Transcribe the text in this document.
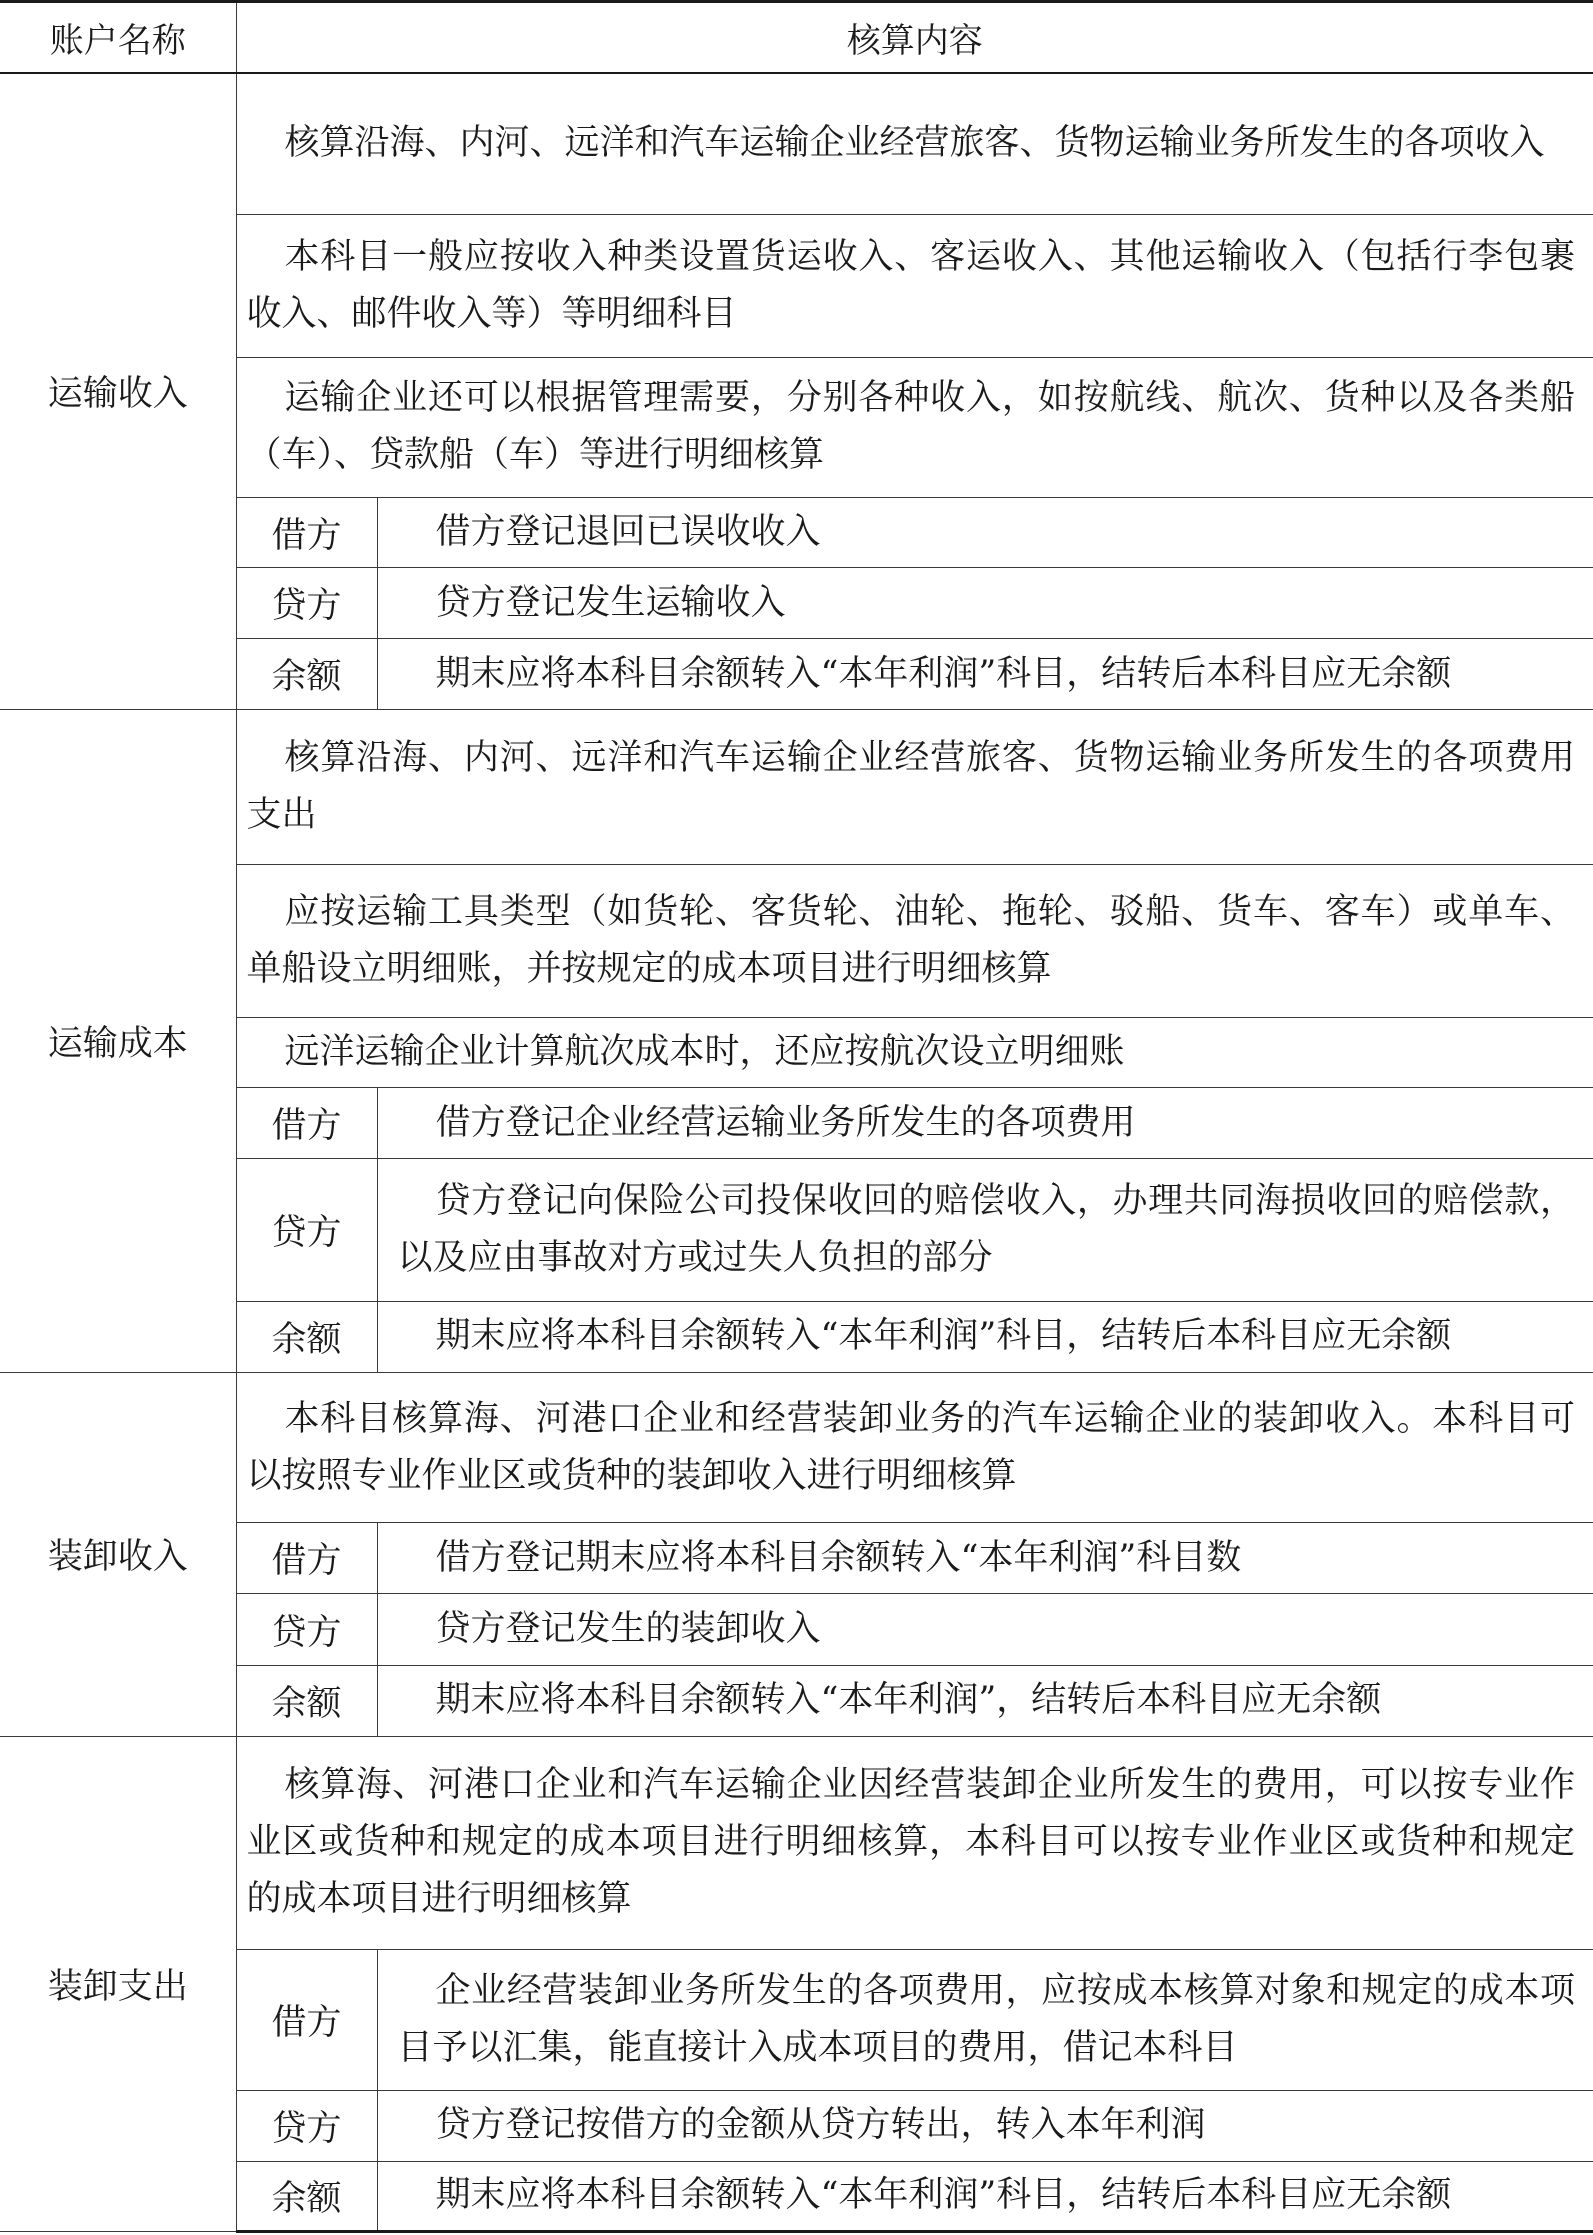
账户名称	核算内容	
运输收入	核算沿海、内河、远洋和汽车运输企业经营旅客、货物运输业务所发生的各项收入	
	本科目一般应按收入种类设置货运收入、客运收入、其他运输收入（包括行李包裹收入、邮件收入等）等明细科目	
	运输企业还可以根据管理需要，分别各种收入，如按航线、航次、货种以及各类船（车）、贷款船（车）等进行明细核算	
	借方	借方登记退回已误收收入
	贷方	贷方登记发生运输收入
	余额	期末应将本科目余额转入“本年利润”科目，结转后本科目应无余额
运输成本	核算沿海、内河、远洋和汽车运输企业经营旅客、货物运输业务所发生的各项费用支出	
	应按运输工具类型（如货轮、客货轮、油轮、拖轮、驳船、货车、客车）或单车、单船设立明细账，并按规定的成本项目进行明细核算	
	远洋运输企业计算航次成本时，还应按航次设立明细账	
	借方	借方登记企业经营运输业务所发生的各项费用
	贷方	贷方登记向保险公司投保收回的赔偿收入，办理共同海损收回的赔偿款，以及应由事故对方或过失人负担的部分
	余额	期末应将本科目余额转入“本年利润”科目，结转后本科目应无余额
装卸收入	本科目核算海、河港口企业和经营装卸业务的汽车运输企业的装卸收入。本科目可以按照专业作业区或货种的装卸收入进行明细核算	
	借方	借方登记期末应将本科目余额转入“本年利润”科目数
	贷方	贷方登记发生的装卸收入
	余额	期末应将本科目余额转入“本年利润”，结转后本科目应无余额
装卸支出	核算海、河港口企业和汽车运输企业因经营装卸企业所发生的费用，可以按专业作业区或货种和规定的成本项目进行明细核算，本科目可以按专业作业区或货种和规定的成本项目进行明细核算	
	借方	企业经营装卸业务所发生的各项费用，应按成本核算对象和规定的成本项目予以汇集，能直接计入成本项目的费用，借记本科目
	贷方	贷方登记按借方的金额从贷方转出，转入本年利润
	余额	期末应将本科目余额转入“本年利润”科目，结转后本科目应无余额
